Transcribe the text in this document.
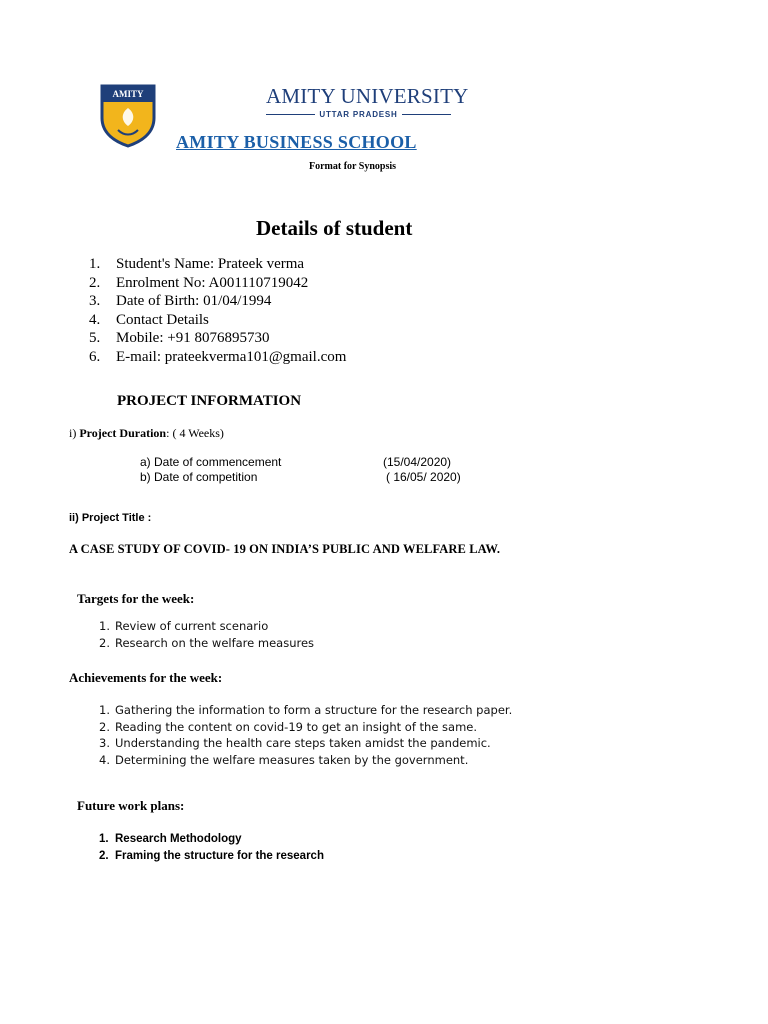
AMITY	AMITY UNIVERSITY
UTTAR PRADESH
AMITY BUSINESS SCHOOL
Format for Synopsis
Details of student
1. Student's Name: Prateek verma
2. Enrolment No: A001110719042
3. Date of Birth: 01/04/1994
4. Contact Details
5. Mobile: +91 8076895730
6. E-mail: prateekverma101@gmail.com
PROJECT INFORMATION
i) Project Duration: ( 4 Weeks)
a) Date of commencement	(15/04/2020)
b) Date of competition	( 16/05/ 2020)
ii) Project Title :
A CASE STUDY OF COVID- 19 ON INDIA’S PUBLIC AND WELFARE LAW.
Targets for the week:
1. Review of current scenario
2. Research on the welfare measures
Achievements for the week:
1. Gathering the information to form a structure for the research paper.
2. Reading the content on covid-19 to get an insight of the same.
3. Understanding the health care steps taken amidst the pandemic.
4. Determining the welfare measures taken by the government.
Future work plans:
1. Research Methodology
2. Framing the structure for the research
